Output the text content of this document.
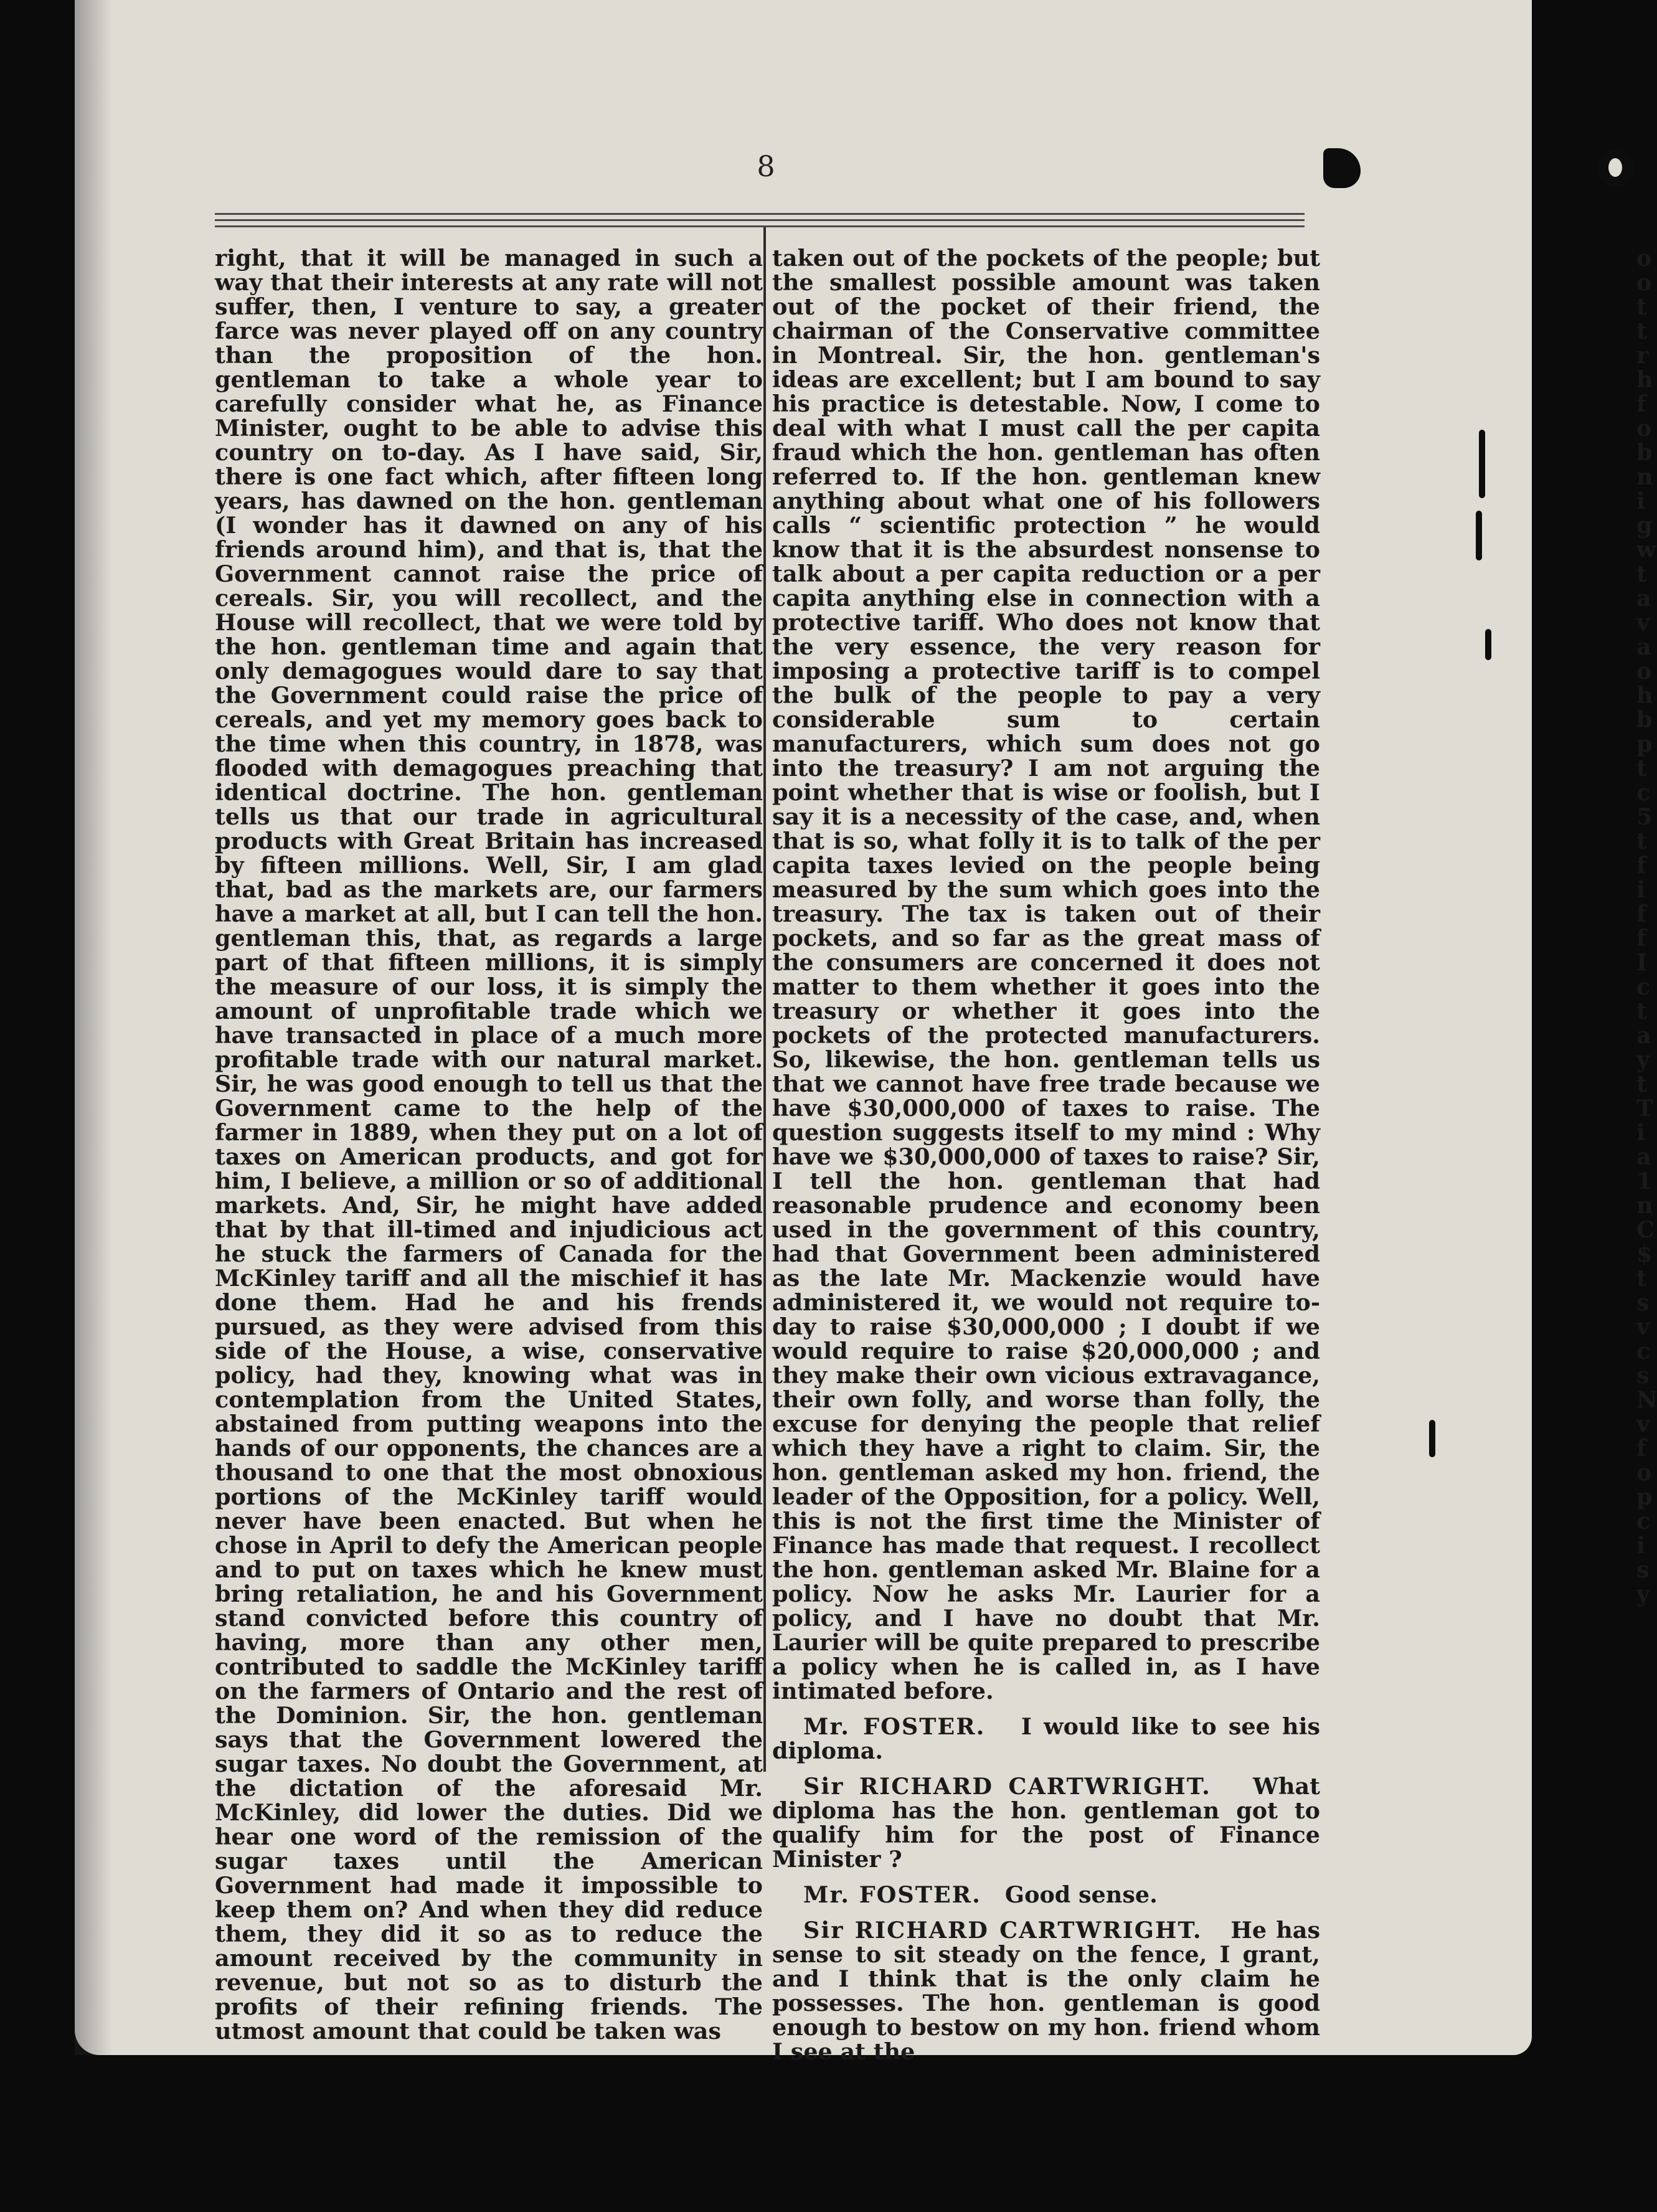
8

right, that it will be managed in such a way that their interests at any rate will not suffer, then, I venture to say, a greater farce was never played off on any country than the proposition of the hon. gentleman to take a whole year to carefully consider what he, as Finance Minister, ought to be able to advise this country on to-day. As I have said, Sir, there is one fact which, after fifteen long years, has dawned on the hon. gentleman (I wonder has it dawned on any of his friends around him), and that is, that the Government cannot raise the price of cereals. Sir, you will recollect, and the House will recollect, that we were told by the hon. gentleman time and again that only demagogues would dare to say that the Government could raise the price of cereals, and yet my memory goes back to the time when this country, in 1878, was flooded with demagogues preaching that identical doctrine. The hon. gentleman tells us that our trade in agricultural products with Great Britain has increased by fifteen millions. Well, Sir, I am glad that, bad as the markets are, our farmers have a market at all, but I can tell the hon. gentleman this, that, as regards a large part of that fifteen millions, it is simply the measure of our loss, it is simply the amount of unprofitable trade which we have transacted in place of a much more profitable trade with our natural market. Sir, he was good enough to tell us that the Government came to the help of the farmer in 1889, when they put on a lot of taxes on American products, and got for him, I believe, a million or so of additional markets. And, Sir, he might have added that by that ill-timed and injudicious act he stuck the farmers of Canada for the McKinley tariff and all the mischief it has done them. Had he and his frends pursued, as they were advised from this side of the House, a wise, conservative policy, had they, knowing what was in contemplation from the United States, abstained from putting weapons into the hands of our opponents, the chances are a thousand to one that the most obnoxious portions of the McKinley tariff would never have been enacted. But when he chose in April to defy the American people and to put on taxes which he knew must bring retaliation, he and his Government stand convicted before this country of having, more than any other men, contributed to saddle the McKinley tariff on the farmers of Ontario and the rest of the Dominion. Sir, the hon. gentleman says that the Government lowered the sugar taxes. No doubt the Government, at the dictation of the aforesaid Mr. McKinley, did lower the duties. Did we hear one word of the remission of the sugar taxes until the American Government had made it impossible to keep them on? And when they did reduce them, they did it so as to reduce the amount received by the community in revenue, but not so as to disturb the profits of their refining friends. The utmost amount that could be taken was

taken out of the pockets of the people; but the smallest possible amount was taken out of the pocket of their friend, the chairman of the Conservative committee in Montreal. Sir, the hon. gentleman's ideas are excellent; but I am bound to say his practice is detestable. Now, I come to deal with what I must call the per capita fraud which the hon. gentleman has often referred to. If the hon. gentleman knew anything about what one of his followers calls “ scientific protection ” he would know that it is the absurdest nonsense to talk about a per capita reduction or a per capita anything else in connection with a protective tariff. Who does not know that the very essence, the very reason for imposing a protective tariff is to compel the bulk of the people to pay a very considerable sum to certain manufacturers, which sum does not go into the treasury? I am not arguing the point whether that is wise or foolish, but I say it is a necessity of the case, and, when that is so, what folly it is to talk of the per capita taxes levied on the people being measured by the sum which goes into the treasury. The tax is taken out of their pockets, and so far as the great mass of the consumers are concerned it does not matter to them whether it goes into the treasury or whether it goes into the pockets of the protected manufacturers. So, likewise, the hon. gentleman tells us that we cannot have free trade because we have $30,000,000 of taxes to raise. The question suggests itself to my mind : Why have we $30,000,000 of taxes to raise? Sir, I tell the hon. gentleman that had reasonable prudence and economy been used in the government of this country, had that Government been administered as the late Mr. Mackenzie would have administered it, we would not require to-day to raise $30,000,000 ; I doubt if we would require to raise $20,000,000 ; and they make their own vicious extravagance, their own folly, and worse than folly, the excuse for denying the people that relief which they have a right to claim. Sir, the hon. gentleman asked my hon. friend, the leader of the Opposition, for a policy. Well, this is not the first time the Minister of Finance has made that request. I recollect the hon. gentleman asked Mr. Blaine for a policy. Now he asks Mr. Laurier for a policy, and I have no doubt that Mr. Laurier will be quite prepared to prescribe a policy when he is called in, as I have intimated before.

Mr. FOSTER. I would like to see his diploma.

Sir RICHARD CARTWRIGHT. What diploma has the hon. gentleman got to qualify him for the post of Finance Minister ?

Mr. FOSTER. Good sense.

Sir RICHARD CARTWRIGHT. He has sense to sit steady on the fence, I grant, and I think that is the only claim he possesses. The hon. gentleman is good enough to bestow on my hon. friend whom I see at the

o
o
t
t
r
h
f
o
b
n
i
g
w
t
a
v
a
o
h
b
p
t
c
5
t
f
i
f
f
I
c
t
a
y
t
T
i
a
1
n
C
$
t
s
v
c
s
N
v
f
o
p
c
i
s
y
